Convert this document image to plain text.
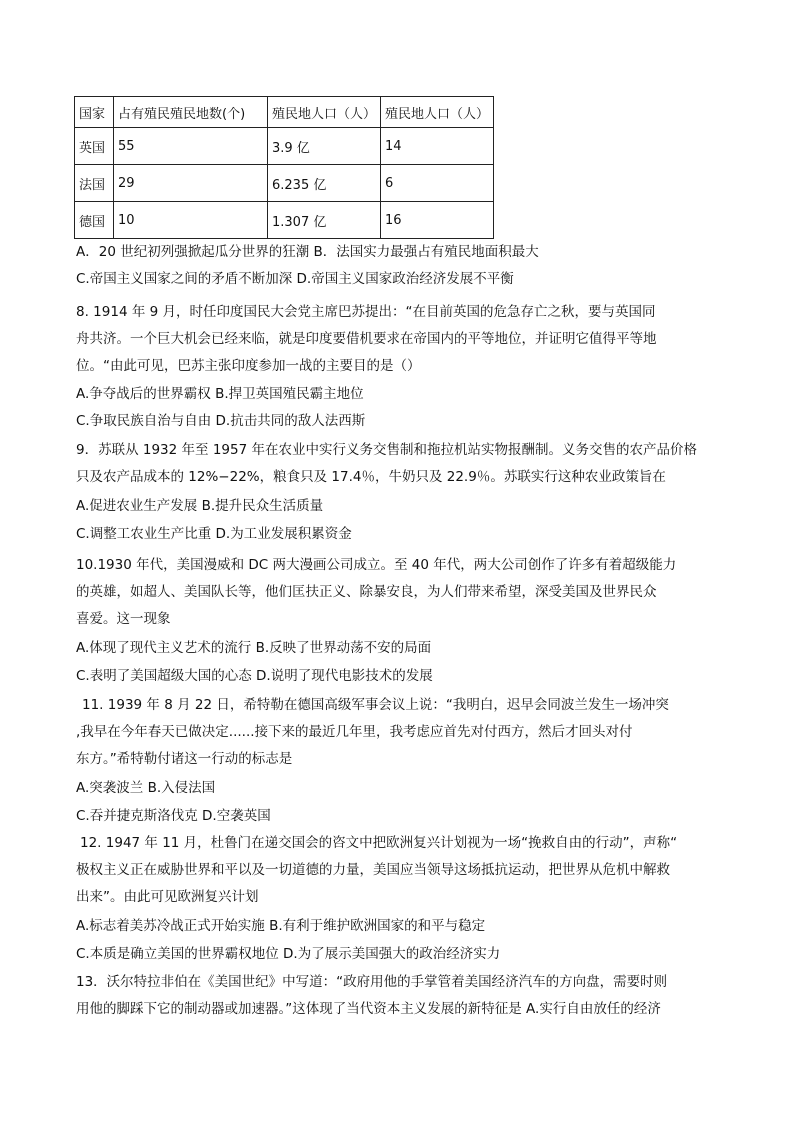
国家	占有殖民殖民地数(个)	殖民地人口（人）	殖民地人口（人）
英国	55	3.9 亿	14
法国	29	6.235 亿	6
德国	10	1.307 亿	16
A．20 世纪初列强掀起瓜分世界的狂潮 B．法国实力最强占有殖民地面积最大
C.帝国主义国家之间的矛盾不断加深 D.帝国主义国家政治经济发展不平衡
8. 1914 年 9 月，时任印度国民大会党主席巴苏提出：“在目前英国的危急存亡之秋，要与英国同
舟共济。一个巨大机会已经来临，就是印度要借机要求在帝国内的平等地位，并证明它值得平等地
位。“由此可见，巴苏主张印度参加一战的主要目的是（）
A.争夺战后的世界霸权 B.捍卫英国殖民霸主地位
C.争取民族自治与自由 D.抗击共同的敌人法西斯
9．苏联从 1932 年至 1957 年在农业中实行义务交售制和拖拉机站实物报酬制。义务交售的农产品价格
只及农产品成本的 12%−22%，粮食只及 17.4％，牛奶只及 22.9％。苏联实行这种农业政策旨在
A.促进农业生产发展 B.提升民众生活质量
C.调整工农业生产比重 D.为工业发展积累资金
10.1930 年代，美国漫威和 DC 两大漫画公司成立。至 40 年代，两大公司创作了许多有着超级能力
的英雄，如超人、美国队长等，他们匡扶正义、除暴安良，为人们带来希望，深受美国及世界民众
喜爱。这一现象
A.体现了现代主义艺术的流行 B.反映了世界动荡不安的局面
C.表明了美国超级大国的心态 D.说明了现代电影技术的发展
11. 1939 年 8 月 22 日，希特勒在德国高级军事会议上说：“我明白，迟早会同波兰发生一场冲突
,我早在今年春天已做决定......接下来的最近几年里，我考虑应首先对付西方，然后才回头对付
东方。”希特勒付诸这一行动的标志是
A.突袭波兰 B.入侵法国
C.吞并捷克斯洛伐克 D.空袭英国
12. 1947 年 11 月，杜鲁门在递交国会的咨文中把欧洲复兴计划视为一场“挽救自由的行动”，声称“
极权主义正在威胁世界和平以及一切道德的力量，美国应当领导这场抵抗运动，把世界从危机中解救
出来”。由此可见欧洲复兴计划
A.标志着美苏冷战正式开始实施 B.有利于维护欧洲国家的和平与稳定
C.本质是确立美国的世界霸权地位 D.为了展示美国强大的政治经济实力
13．沃尔特拉非伯在《美国世纪》中写道：“政府用他的手掌管着美国经济汽车的方向盘，需要时则
用他的脚踩下它的制动器或加速器。”这体现了当代资本主义发展的新特征是 A.实行自由放任的经济
